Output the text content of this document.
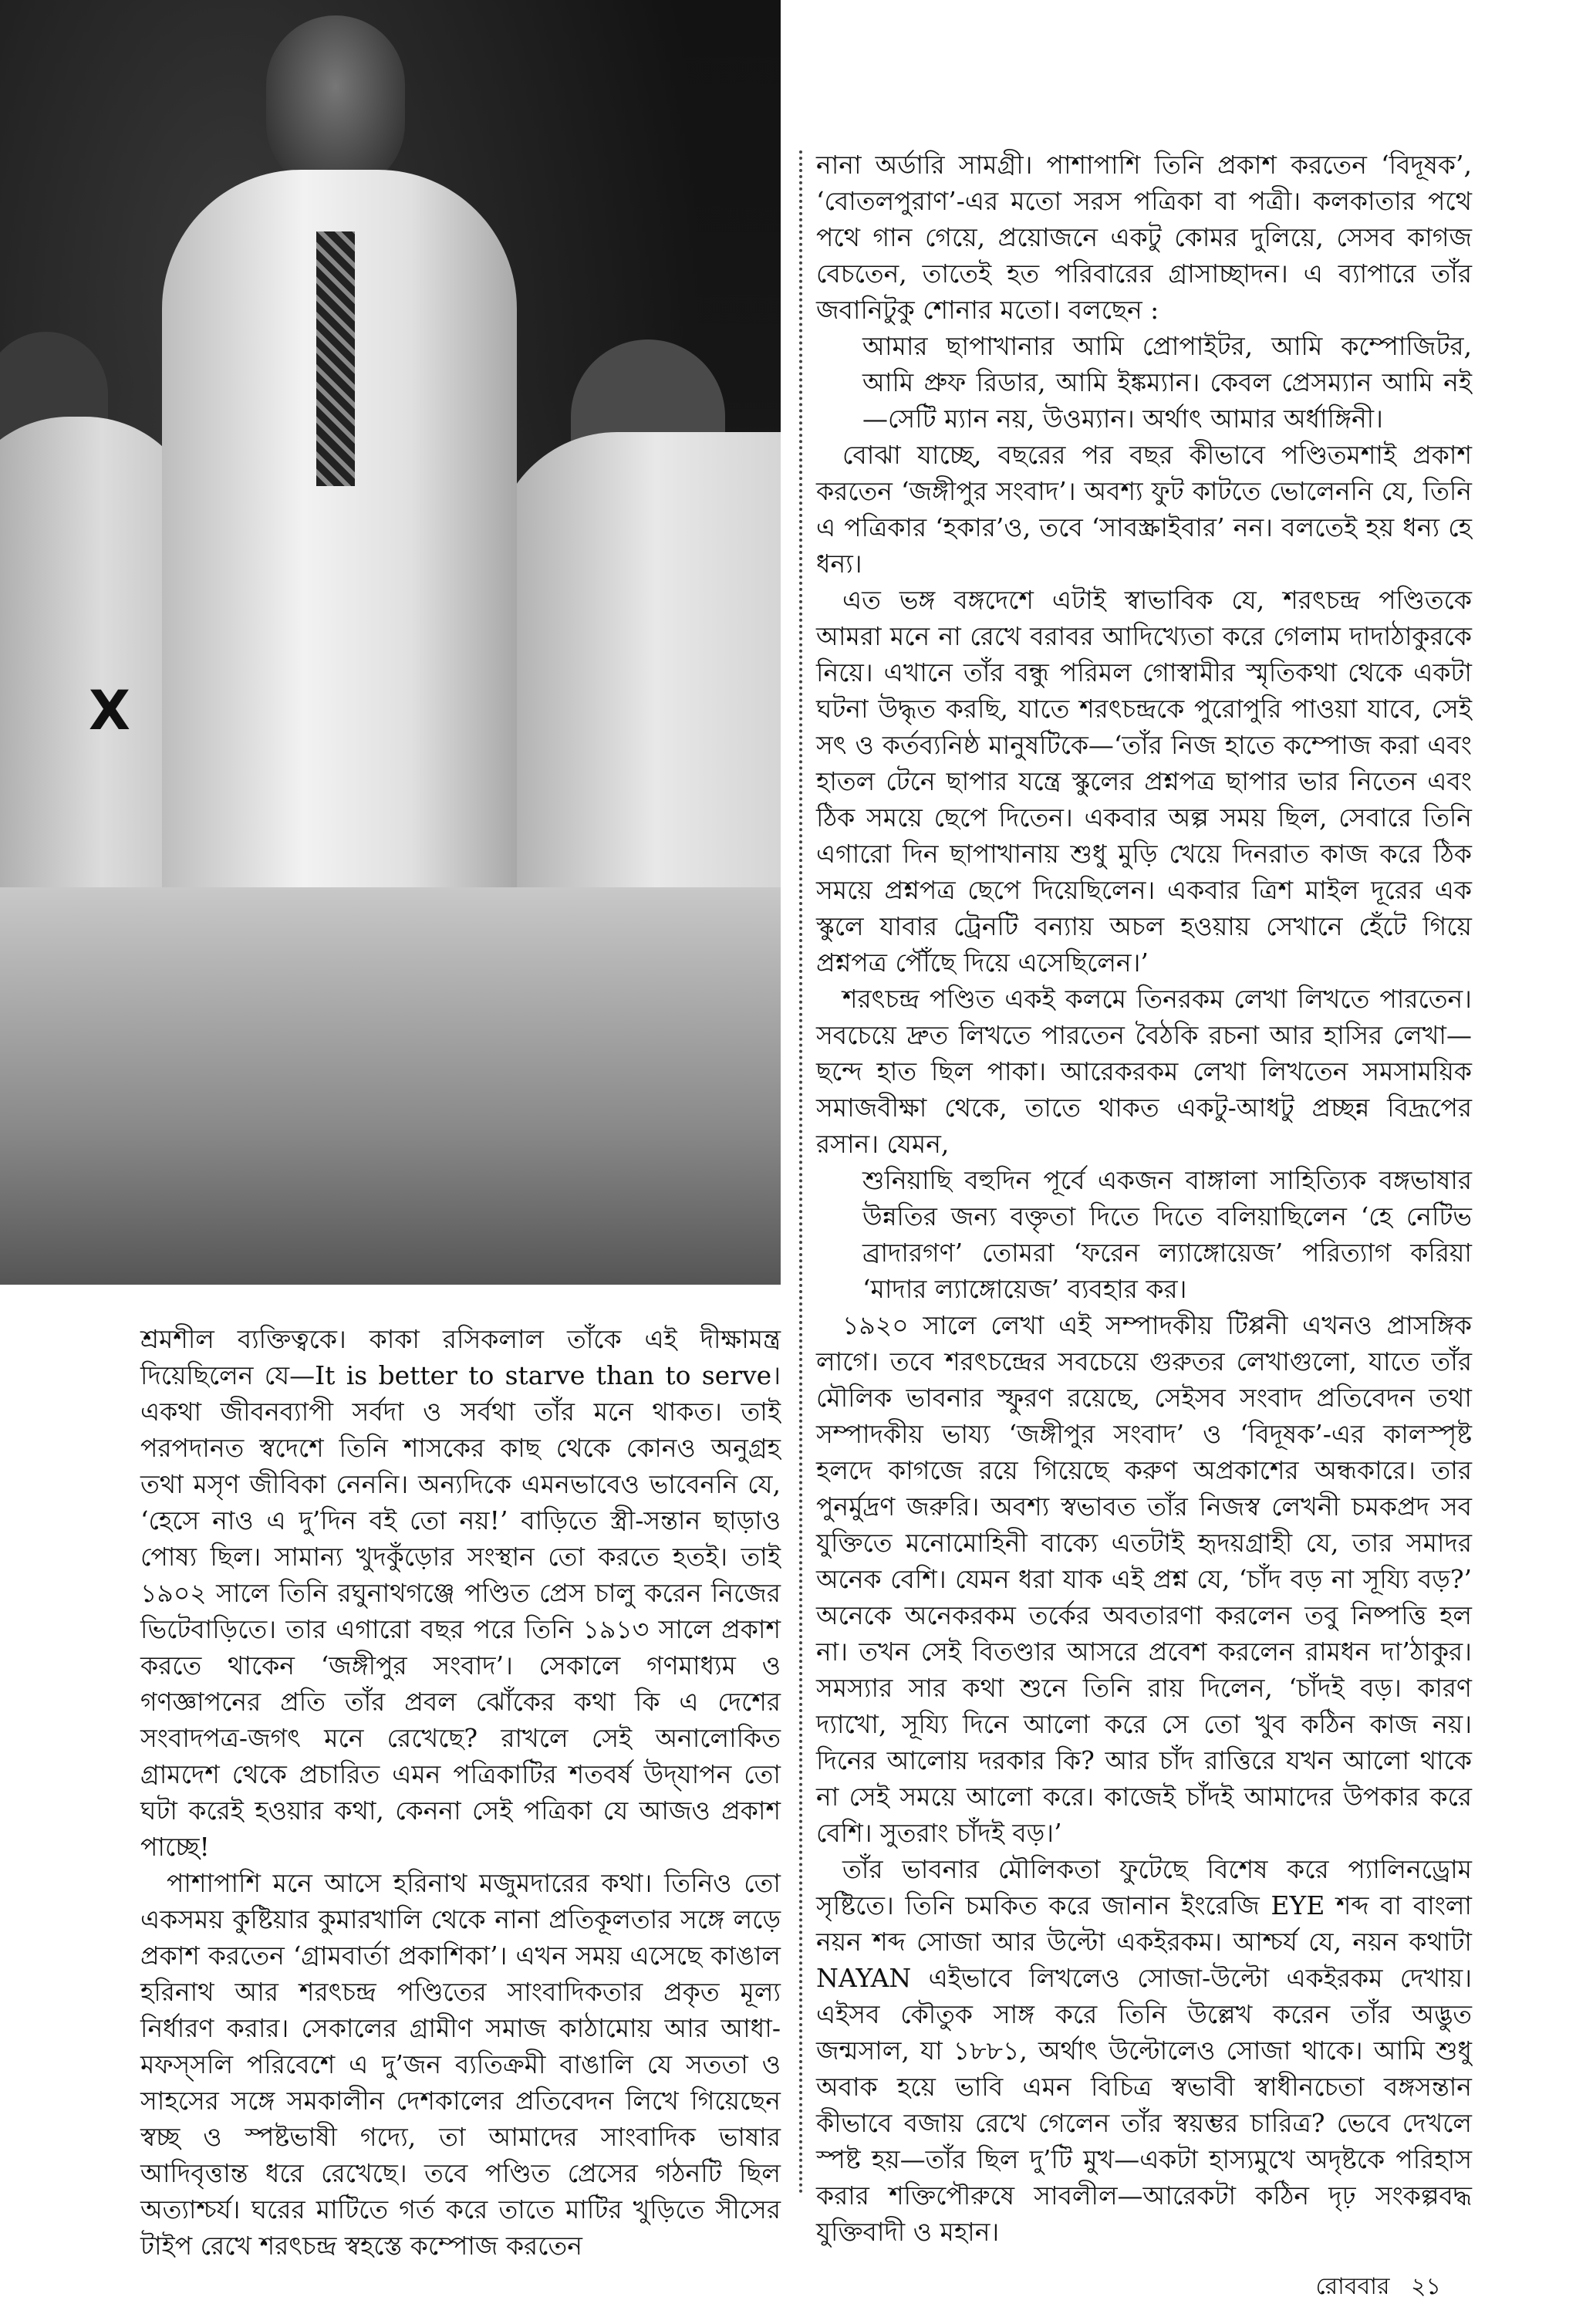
X

শ্রমশীল ব্যক্তিত্বকে। কাকা রসিকলাল তাঁকে এই দীক্ষামন্ত্র দিয়েছিলেন যে—It is better to starve than to serve। একথা জীবনব্যাপী সর্বদা ও সর্বথা তাঁর মনে থাকত। তাই পরপদানত স্বদেশে তিনি শাসকের কাছ থেকে কোনও অনুগ্রহ তথা মসৃণ জীবিকা নেননি। অন্যদিকে এমনভাবেও ভাবেননি যে, ‘হেসে নাও এ দু’দিন বই তো নয়!’ বাড়িতে স্ত্রী-সন্তান ছাড়াও পোষ্য ছিল। সামান্য খুদকুঁড়োর সংস্থান তো করতে হতই। তাই ১৯০২ সালে তিনি রঘুনাথগঞ্জে পণ্ডিত প্রেস চালু করেন নিজের ভিটেবাড়িতে। তার এগারো বছর পরে তিনি ১৯১৩ সালে প্রকাশ করতে থাকেন ‘জঙ্গীপুর সংবাদ’। সেকালে গণমাধ্যম ও গণজ্ঞাপনের প্রতি তাঁর প্রবল ঝোঁকের কথা কি এ দেশের সংবাদপত্র-জগৎ মনে রেখেছে? রাখলে সেই অনালোকিত গ্রামদেশ থেকে প্রচারিত এমন পত্রিকাটির শতবর্ষ উদ্‌যাপন তো ঘটা করেই হওয়ার কথা, কেননা সেই পত্রিকা যে আজও প্রকাশ পাচ্ছে!

পাশাপাশি মনে আসে হরিনাথ মজুমদারের কথা। তিনিও তো একসময় কুষ্টিয়ার কুমারখালি থেকে নানা প্রতিকূলতার সঙ্গে লড়ে প্রকাশ করতেন ‘গ্রামবার্তা প্রকাশিকা’। এখন সময় এসেছে কাঙাল হরিনাথ আর শরৎচন্দ্র পণ্ডিতের সাংবাদিকতার প্রকৃত মূল্য নির্ধারণ করার। সেকালের গ্রামীণ সমাজ কাঠামোয় আর আধা-মফস্‌সলি পরিবেশে এ দু’জন ব্যতিক্রমী বাঙালি যে সততা ও সাহসের সঙ্গে সমকালীন দেশকালের প্রতিবেদন লিখে গিয়েছেন স্বচ্ছ ও স্পষ্টভাষী গদ্যে, তা আমাদের সাংবাদিক ভাষার আদিবৃত্তান্ত ধরে রেখেছে। তবে পণ্ডিত প্রেসের গঠনটি ছিল অত্যাশ্চর্য। ঘরের মাটিতে গর্ত করে তাতে মাটির খুড়িতে সীসের টাইপ রেখে শরৎচন্দ্র স্বহস্তে কম্পোজ করতেন

নানা অর্ডারি সামগ্রী। পাশাপাশি তিনি প্রকাশ করতেন ‘বিদূষক’, ‘বোতলপুরাণ’-এর মতো সরস পত্রিকা বা পত্রী। কলকাতার পথে পথে গান গেয়ে, প্রয়োজনে একটু কোমর দুলিয়ে, সেসব কাগজ বেচতেন, তাতেই হত পরিবারের গ্রাসাচ্ছাদন। এ ব্যাপারে তাঁর জবানিটুকু শোনার মতো। বলছেন :

আমার ছাপাখানার আমি প্রোপাইটর, আমি কম্পোজিটর, আমি প্রুফ রিডার, আমি ইঙ্কম্যান। কেবল প্রেসম্যান আমি নই—সেটি ম্যান নয়, উওম্যান। অর্থাৎ আমার অর্ধাঙ্গিনী।

বোঝা যাচ্ছে, বছরের পর বছর কীভাবে পণ্ডিতমশাই প্রকাশ করতেন ‘জঙ্গীপুর সংবাদ’। অবশ্য ফুট কাটতে ভোলেননি যে, তিনি এ পত্রিকার ‘হকার’ও, তবে ‘সাবস্ক্রাইবার’ নন। বলতেই হয় ধন্য হে ধন্য।

এত ভঙ্গ বঙ্গদেশে এটাই স্বাভাবিক যে, শরৎচন্দ্র পণ্ডিতকে আমরা মনে না রেখে বরাবর আদিখ্যেতা করে গেলাম দাদাঠাকুরকে নিয়ে। এখানে তাঁর বন্ধু পরিমল গোস্বামীর স্মৃতিকথা থেকে একটা ঘটনা উদ্ধৃত করছি, যাতে শরৎচন্দ্রকে পুরোপুরি পাওয়া যাবে, সেই সৎ ও কর্তব্যনিষ্ঠ মানুষটিকে—‘তাঁর নিজ হাতে কম্পোজ করা এবং হাতল টেনে ছাপার যন্ত্রে স্কুলের প্রশ্নপত্র ছাপার ভার নিতেন এবং ঠিক সময়ে ছেপে দিতেন। একবার অল্প সময় ছিল, সেবারে তিনি এগারো দিন ছাপাখানায় শুধু মুড়ি খেয়ে দিনরাত কাজ করে ঠিক সময়ে প্রশ্নপত্র ছেপে দিয়েছিলেন। একবার ত্রিশ মাইল দূরের এক স্কুলে যাবার ট্রেনটি বন্যায় অচল হওয়ায় সেখানে হেঁটে গিয়ে প্রশ্নপত্র পৌঁছে দিয়ে এসেছিলেন।’

শরৎচন্দ্র পণ্ডিত একই কলমে তিনরকম লেখা লিখতে পারতেন। সবচেয়ে দ্রুত লিখতে পারতেন বৈঠকি রচনা আর হাসির লেখা—ছন্দে হাত ছিল পাকা। আরেকরকম লেখা লিখতেন সমসাময়িক সমাজবীক্ষা থেকে, তাতে থাকত একটু-আধটু প্রচ্ছন্ন বিদ্রূপের রসান। যেমন,

শুনিয়াছি বহুদিন পূর্বে একজন বাঙ্গালা সাহিত্যিক বঙ্গভাষার উন্নতির জন্য বক্তৃতা দিতে দিতে বলিয়াছিলেন ‘হে নেটিভ ব্রাদারগণ’ তোমরা ‘ফরেন ল্যাঙ্গোয়েজ’ পরিত্যাগ করিয়া ‘মাদার ল্যাঙ্গোয়েজ’ ব্যবহার কর।

১৯২০ সালে লেখা এই সম্পাদকীয় টিপ্পনী এখনও প্রাসঙ্গিক লাগে। তবে শরৎচন্দ্রের সবচেয়ে গুরুতর লেখাগুলো, যাতে তাঁর মৌলিক ভাবনার স্ফুরণ রয়েছে, সেইসব সংবাদ প্রতিবেদন তথা সম্পাদকীয় ভায্য ‘জঙ্গীপুর সংবাদ’ ও ‘বিদূষক’-এর কালস্পৃষ্ট হলদে কাগজে রয়ে গিয়েছে করুণ অপ্রকাশের অন্ধকারে। তার পুনর্মুদ্রণ জরুরি। অবশ্য স্বভাবত তাঁর নিজস্ব লেখনী চমকপ্রদ সব যুক্তিতে মনোমোহিনী বাক্যে এতটাই হৃদয়গ্রাহী যে, তার সমাদর অনেক বেশি। যেমন ধরা যাক এই প্রশ্ন যে, ‘চাঁদ বড় না সূয্যি বড়?’ অনেকে অনেকরকম তর্কের অবতারণা করলেন তবু নিষ্পত্তি হল না। তখন সেই বিতণ্ডার আসরে প্রবেশ করলেন রামধন দা’ঠাকুর। সমস্যার সার কথা শুনে তিনি রায় দিলেন, ‘চাঁদই বড়। কারণ দ্যাখো, সূয্যি দিনে আলো করে সে তো খুব কঠিন কাজ নয়। দিনের আলোয় দরকার কি? আর চাঁদ রাত্তিরে যখন আলো থাকে না সেই সময়ে আলো করে। কাজেই চাঁদই আমাদের উপকার করে বেশি। সুতরাং চাঁদই বড়।’

তাঁর ভাবনার মৌলিকতা ফুটেছে বিশেষ করে প্যালিনড্রোম সৃষ্টিতে। তিনি চমকিত করে জানান ইংরেজি EYE শব্দ বা বাংলা নয়ন শব্দ সোজা আর উল্টো একইরকম। আশ্চর্য যে, নয়ন কথাটা NAYAN এইভাবে লিখলেও সোজা-উল্টো একইরকম দেখায়। এইসব কৌতুক সাঙ্গ করে তিনি উল্লেখ করেন তাঁর অদ্ভুত জন্মসাল, যা ১৮৮১, অর্থাৎ উল্টোলেও সোজা থাকে। আমি শুধু অবাক হয়ে ভাবি এমন বিচিত্র স্বভাবী স্বাধীনচেতা বঙ্গসন্তান কীভাবে বজায় রেখে গেলেন তাঁর স্বয়ম্ভর চারিত্র? ভেবে দেখলে স্পষ্ট হয়—তাঁর ছিল দু’টি মুখ—একটা হাস্যমুখে অদৃষ্টকে পরিহাস করার শক্তিপৌরুষে সাবলীল—আরেকটা কঠিন দৃঢ় সংকল্পবদ্ধ যুক্তিবাদী ও মহান।

রোববার ২১
